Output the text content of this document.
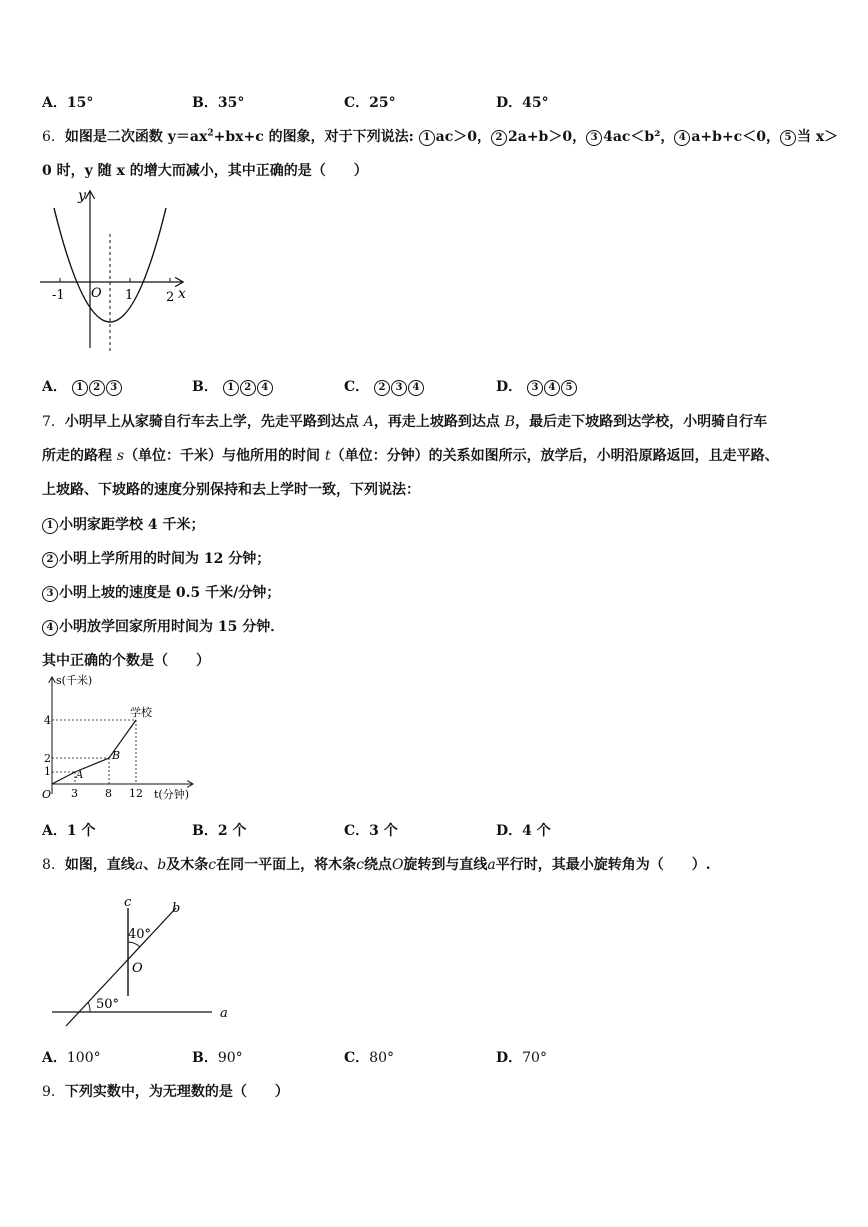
A．15°	B．35°	C．25°	D．45°
6．如图是二次函数 $y=ax^2+bx+c$ 的图象，对于下列说法: 1 ac＞0， 2 2a+b＞0， 3 4ac＜b²， 4 a+b+c＜0， 5 当 x＞
0 时，y 随 x 的增大而减小，其中正确的是（　　）
y
x
O
-1	1	2
A． 1 2 3	B． 1 2 4	C． 2 3 4	D． 3 4 5
7．小明早上从家骑自行车去上学，先走平路到达点 A，再走上坡路到达点 B，最后走下坡路到达学校，小明骑自行车
所走的路程 s（单位：千米）与他所用的时间 t（单位：分钟）的关系如图所示，放学后，小明沿原路返回，且走平路、
上坡路、下坡路的速度分别保持和去上学时一致，下列说法：
1 小明家距学校 4 千米；
2 小明上学所用的时间为 12 分钟；
3 小明上坡的速度是 0.5 千米/分钟；
4 小明放学回家所用时间为 15 分钟．
其中正确的个数是（　　）
s(千米)
t(分钟)
学校
B
A
O
4
2
1
3 8 12
A．1 个	B．2 个	C．3 个	D．4 个
8．如图，直线a、b及木条c在同一平面上，将木条c绕点O旋转到与直线a平行时，其最小旋转角为（　　）.
c	b
a
O
40°
50°
A．100°	B．90°	C．80°	D．70°
9．下列实数中，为无理数的是（　　）
